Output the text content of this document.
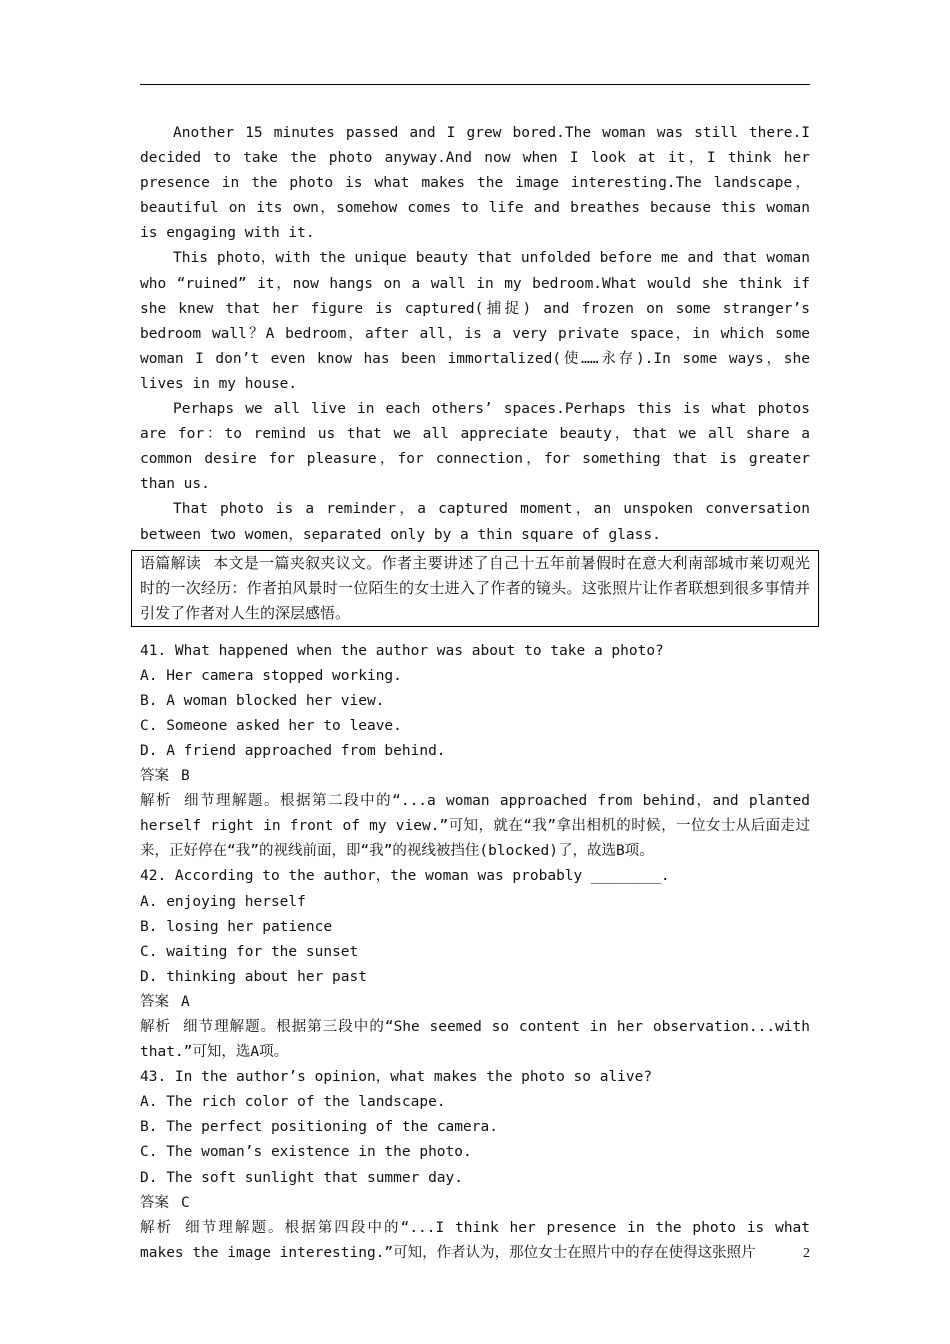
Another 15 minutes passed and I grew bored.The woman was still there.I decided to take the photo anyway.And now when I look at it，I think her presence in the photo is what makes the image interesting.The landscape，beautiful on its own，somehow comes to life and breathes because this woman is engaging with it.

This photo，with the unique beauty that unfolded before me and that woman who “ruined” it，now hangs on a wall in my bedroom.What would she think if she knew that her figure is captured(捕捉) and frozen on some stranger’s bedroom wall？A bedroom，after all，is a very private space，in which some woman I don’t even know has been immortalized(使……永存).In some ways，she lives in my house.

Perhaps we all live in each others’ spaces.Perhaps this is what photos are for：to remind us that we all appreciate beauty，that we all share a common desire for pleasure，for connection，for something that is greater than us.

That photo is a reminder，a captured moment，an unspoken conversation between two women，separated only by a thin square of glass.

语篇解读 本文是一篇夹叙夹议文。作者主要讲述了自己十五年前暑假时在意大利南部城市莱切观光时的一次经历：作者拍风景时一位陌生的女士进入了作者的镜头。这张照片让作者联想到很多事情并引发了作者对人生的深层感悟。

41. What happened when the author was about to take a photo?

A. Her camera stopped working.

B. A woman blocked her view.

C. Someone asked her to leave.

D. A friend approached from behind.

答案 B

解析 细节理解题。根据第二段中的“...a woman approached from behind，and planted herself right in front of my view.”可知，就在“我”拿出相机的时候，一位女士从后面走过来，正好停在“我”的视线前面，即“我”的视线被挡住(blocked)了，故选B项。

42. According to the author，the woman was probably ________.

A. enjoying herself

B. losing her patience

C. waiting for the sunset

D. thinking about her past

答案 A

解析 细节理解题。根据第三段中的“She seemed so content in her observation...with that.”可知，选A项。

43. In the author’s opinion，what makes the photo so alive?

A. The rich color of the landscape.

B. The perfect positioning of the camera.

C. The woman’s existence in the photo.

D. The soft sunlight that summer day.

答案 C

解析 细节理解题。根据第四段中的“...I think her presence in the photo is what makes the image interesting.”可知，作者认为，那位女士在照片中的存在使得这张照片	2
